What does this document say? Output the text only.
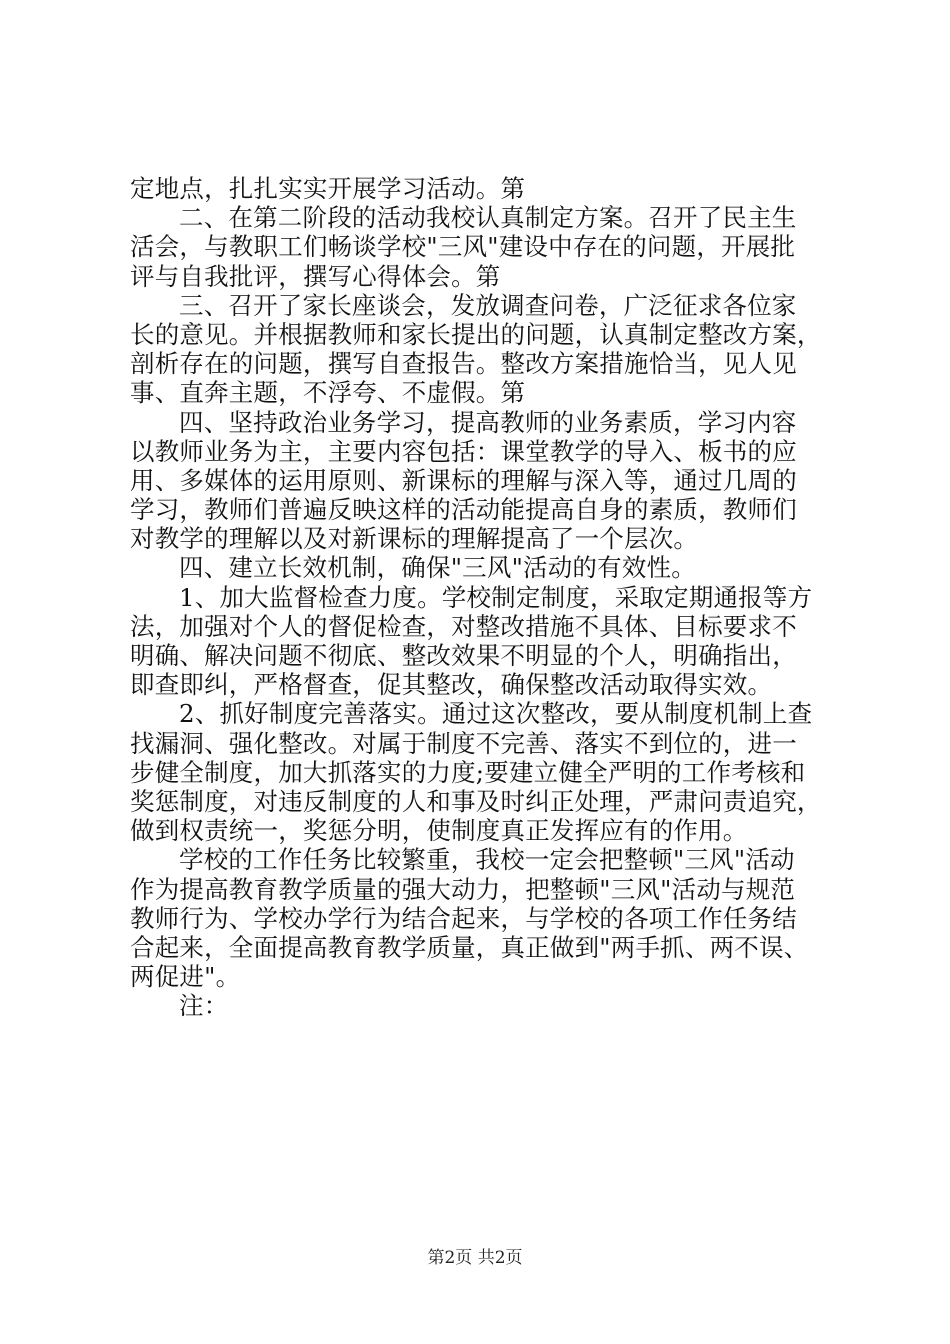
定地点，扎扎实实开展学习活动。第
二、在第二阶段的活动我校认真制定方案。召开了民主生
活会，与教职工们畅谈学校"三风"建设中存在的问题，开展批
评与自我批评，撰写心得体会。第
三、召开了家长座谈会，发放调查问卷，广泛征求各位家
长的意见。并根据教师和家长提出的问题，认真制定整改方案，
剖析存在的问题，撰写自查报告。整改方案措施恰当，见人见
事、直奔主题，不浮夸、不虚假。第
四、坚持政治业务学习，提高教师的业务素质，学习内容
以教师业务为主，主要内容包括：课堂教学的导入、板书的应
用、多媒体的运用原则、新课标的理解与深入等，通过几周的
学习，教师们普遍反映这样的活动能提高自身的素质，教师们
对教学的理解以及对新课标的理解提高了一个层次。
四、建立长效机制，确保"三风"活动的有效性。
1、加大监督检查力度。学校制定制度，采取定期通报等方
法，加强对个人的督促检查，对整改措施不具体、目标要求不
明确、解决问题不彻底、整改效果不明显的个人，明确指出，
即查即纠，严格督查，促其整改，确保整改活动取得实效。
2、抓好制度完善落实。通过这次整改，要从制度机制上查
找漏洞、强化整改。对属于制度不完善、落实不到位的，进一
步健全制度，加大抓落实的力度;要建立健全严明的工作考核和
奖惩制度，对违反制度的人和事及时纠正处理，严肃问责追究，
做到权责统一，奖惩分明，使制度真正发挥应有的作用。
学校的工作任务比较繁重，我校一定会把整顿"三风"活动
作为提高教育教学质量的强大动力，把整顿"三风"活动与规范
教师行为、学校办学行为结合起来，与学校的各项工作任务结
合起来，全面提高教育教学质量，真正做到"两手抓、两不误、
两促进"。
注：
第2页 共2页
